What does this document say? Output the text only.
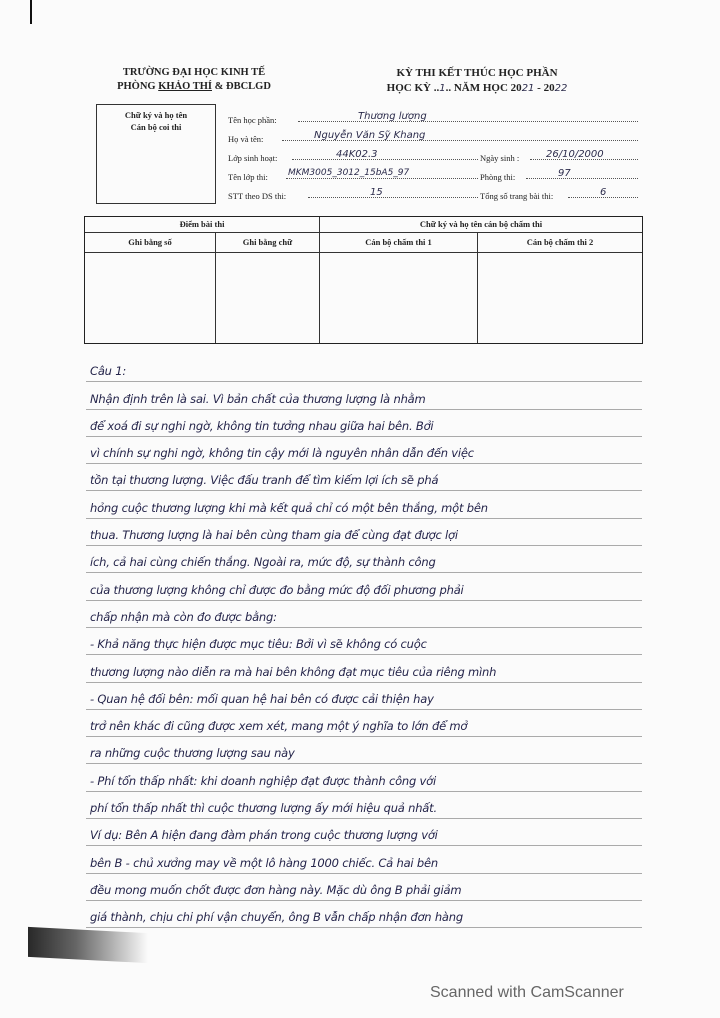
TRƯỜNG ĐẠI HỌC KINH TẾ
PHÒNG KHẢO THÍ & ĐBCLGD
KỲ THI KẾT THÚC HỌC PHẦN
HỌC KỲ ..1.. NĂM HỌC 2021 - 2022
Chữ ký và họ tên
Cán bộ coi thi
Tên học phần:	Thương lượng
Họ và tên:	Nguyễn Văn Sỹ Khang
Lớp sinh hoạt:	44K02.3	Ngày sinh :	26/10/2000
Tên lớp thi: MKM3005_3012_15bA5_97	Phòng thi:	97
STT theo DS thi:	15	Tổng số trang bài thi:	6
Điểm bài thi	Chữ ký và họ tên cán bộ chấm thi
Ghi bằng số	Ghi bằng chữ	Cán bộ chấm thi 1	Cán bộ chấm thi 2
Câu 1:
Nhận định trên là sai. Vì bản chất của thương lượng là nhằm
để xoá đi sự nghi ngờ, không tin tưởng nhau giữa hai bên. Bởi
vì chính sự nghi ngờ, không tin cậy mới là nguyên nhân dẫn đến việc
tồn tại thương lượng. Việc đấu tranh để tìm kiếm lợi ích sẽ phá
hỏng cuộc thương lượng khi mà kết quả chỉ có một bên thắng, một bên
thua. Thương lượng là hai bên cùng tham gia để cùng đạt được lợi
ích, cả hai cùng chiến thắng. Ngoài ra, mức độ, sự thành công
của thương lượng không chỉ được đo bằng mức độ đối phương phải
chấp nhận mà còn đo được bằng:
- Khả năng thực hiện được mục tiêu: Bởi vì sẽ không có cuộc
thương lượng nào diễn ra mà hai bên không đạt mục tiêu của riêng mình
- Quan hệ đối bên: mối quan hệ hai bên có được cải thiện hay
trở nên khác đi cũng được xem xét, mang một ý nghĩa to lớn để mở
ra những cuộc thương lượng sau này
- Phí tổn thấp nhất: khi doanh nghiệp đạt được thành công với
phí tổn thấp nhất thì cuộc thương lượng ấy mới hiệu quả nhất.
Ví dụ: Bên A hiện đang đàm phán trong cuộc thương lượng với
bên B - chủ xưởng may về một lô hàng 1000 chiếc. Cả hai bên
đều mong muốn chốt được đơn hàng này. Mặc dù ông B phải giảm
giá thành, chịu chi phí vận chuyển, ông B vẫn chấp nhận đơn hàng
Scanned with CamScanner
